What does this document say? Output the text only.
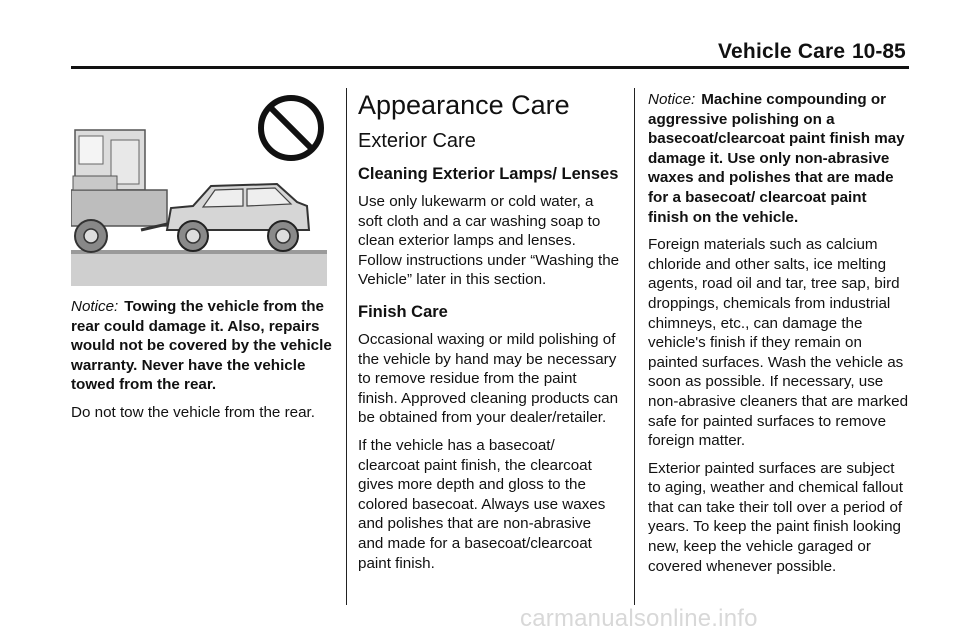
Vehicle Care 10-85

Notice: Towing the vehicle from the rear could damage it. Also, repairs would not be covered by the vehicle warranty. Never have the vehicle towed from the rear.

Do not tow the vehicle from the rear.

Appearance Care
Exterior Care
Cleaning Exterior Lamps/ Lenses

Use only lukewarm or cold water, a soft cloth and a car washing soap to clean exterior lamps and lenses. Follow instructions under “Washing the Vehicle” later in this section.

Finish Care

Occasional waxing or mild polishing of the vehicle by hand may be necessary to remove residue from the paint finish. Approved cleaning products can be obtained from your dealer/retailer.

If the vehicle has a basecoat/ clearcoat paint finish, the clearcoat gives more depth and gloss to the colored basecoat. Always use waxes and polishes that are non-abrasive and made for a basecoat/clearcoat paint finish.

Notice: Machine compounding or aggressive polishing on a basecoat/clearcoat paint finish may damage it. Use only non-abrasive waxes and polishes that are made for a basecoat/ clearcoat paint finish on the vehicle.

Foreign materials such as calcium chloride and other salts, ice melting agents, road oil and tar, tree sap, bird droppings, chemicals from industrial chimneys, etc., can damage the vehicle's finish if they remain on painted surfaces. Wash the vehicle as soon as possible. If necessary, use non-abrasive cleaners that are marked safe for painted surfaces to remove foreign matter.

Exterior painted surfaces are subject to aging, weather and chemical fallout that can take their toll over a period of years. To keep the paint finish looking new, keep the vehicle garaged or covered whenever possible.

carmanualsonline.info
